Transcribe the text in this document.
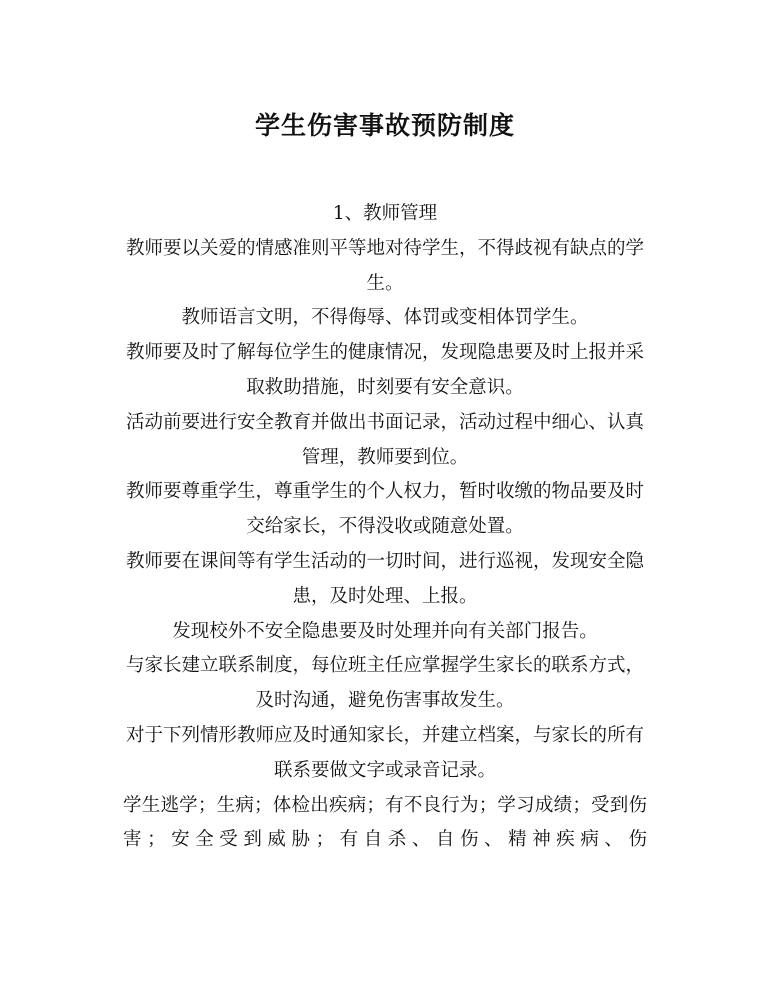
学生伤害事故预防制度

1、教师管理

教师要以关爱的情感准则平等地对待学生，不得歧视有缺点的学生。

教师语言文明，不得侮辱、体罚或变相体罚学生。

教师要及时了解每位学生的健康情况，发现隐患要及时上报并采取救助措施，时刻要有安全意识。

活动前要进行安全教育并做出书面记录，活动过程中细心、认真管理，教师要到位。

教师要尊重学生，尊重学生的个人权力，暂时收缴的物品要及时交给家长，不得没收或随意处置。

教师要在课间等有学生活动的一切时间，进行巡视，发现安全隐患，及时处理、上报。

发现校外不安全隐患要及时处理并向有关部门报告。

与家长建立联系制度，每位班主任应掌握学生家长的联系方式，及时沟通，避免伤害事故发生。

对于下列情形教师应及时通知家长，并建立档案，与家长的所有联系要做文字或录音记录。

学生逃学；生病；体检出疾病；有不良行为；学习成绩；受到伤害；安全受到威胁；有自杀、自伤、精神疾病、伤
